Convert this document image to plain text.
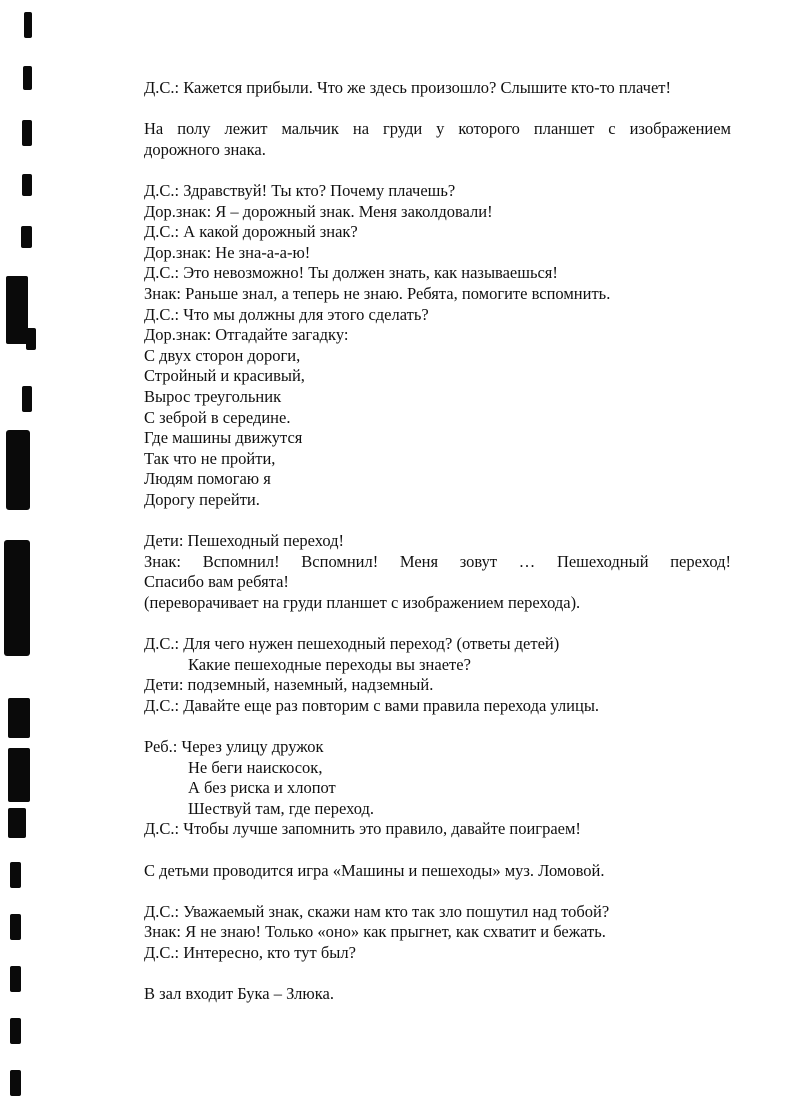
Д.С.: Кажется прибыли. Что же здесь произошло? Слышите кто-то плачет!
На полу лежит мальчик на груди у которого планшет с изображением
дорожного знака.
Д.С.: Здравствуй! Ты кто? Почему плачешь?
Дор.знак: Я – дорожный знак. Меня заколдовали!
Д.С.: А какой дорожный знак?
Дор.знак: Не зна-а-а-ю!
Д.С.: Это невозможно! Ты должен знать, как называешься!
Знак: Раньше знал, а теперь не знаю. Ребята, помогите вспомнить.
Д.С.: Что мы должны для этого сделать?
Дор.знак: Отгадайте загадку:
С двух сторон дороги,
Стройный и красивый,
Вырос треугольник
С зеброй в середине.
Где машины движутся
Так что не пройти,
Людям помогаю я
Дорогу перейти.
Дети: Пешеходный переход!
Знак: Вспомнил! Вспомнил! Меня зовут … Пешеходный переход!
Спасибо вам ребята!
(переворачивает на груди планшет с изображением перехода).
Д.С.: Для чего нужен пешеходный переход? (ответы детей)
Какие пешеходные переходы вы знаете?
Дети: подземный, наземный, надземный.
Д.С.: Давайте еще раз повторим с вами правила перехода улицы.
Реб.: Через улицу дружок
Не беги наискосок,
А без риска и хлопот
Шествуй там, где переход.
Д.С.: Чтобы лучше запомнить это правило, давайте поиграем!
С детьми проводится игра «Машины и пешеходы» муз. Ломовой.
Д.С.: Уважаемый знак, скажи нам кто так зло пошутил над тобой?
Знак: Я не знаю! Только «оно» как прыгнет, как схватит и бежать.
Д.С.: Интересно, кто тут был?
В зал входит Бука – Злюка.
